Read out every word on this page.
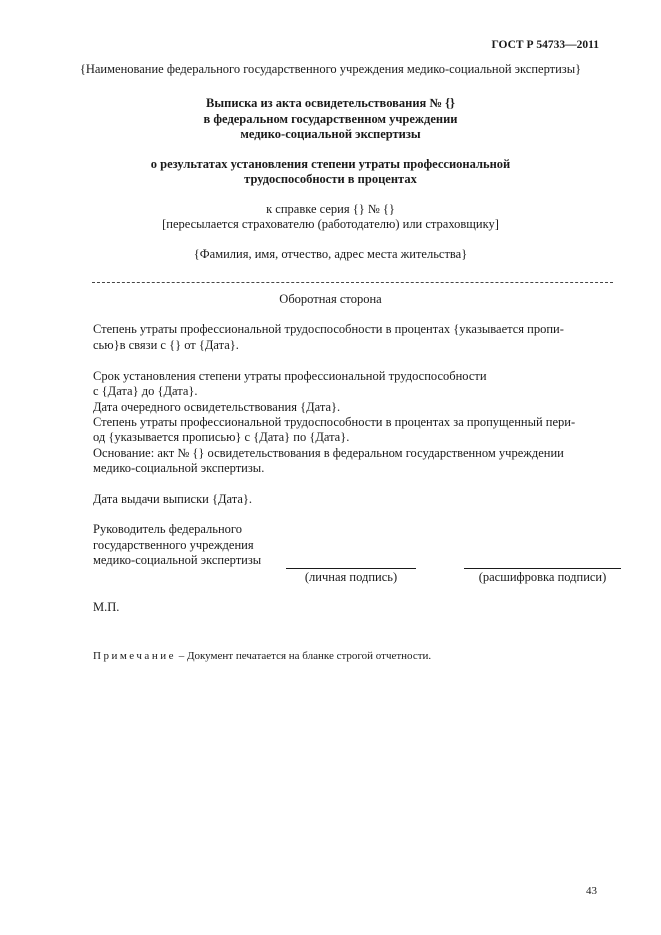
ГОСТ Р 54733—2011
{Наименование федерального государственного учреждения медико-социальной экспертизы}
Выписка из акта освидетельствования № {}
в федеральном государственном учреждении
медико-социальной экспертизы
о результатах установления степени утраты профессиональной
трудоспособности в процентах
к справке серия {} № {}
[пересылается страхователю (работодателю) или страховщику]
{Фамилия, имя, отчество, адрес места жительства}
Оборотная сторона
Степень утраты профессиональной трудоспособности в процентах {указывается пропи-
сью}в связи с {} от {Дата}.
Срок установления степени утраты профессиональной трудоспособности
с {Дата} до {Дата}.
Дата очередного освидетельствования {Дата}.
Степень утраты профессиональной трудоспособности в процентах за пропущенный пери-
од {указывается прописью} с {Дата} по {Дата}.
Основание: акт № {} освидетельствования в федеральном государственном учреждении
медико-социальной экспертизы.
Дата выдачи выписки {Дата}.
Руководитель федерального
государственного учреждения
медико-социальной экспертизы
(личная подпись)	(расшифровка подписи)
М.П.
Примечание – Документ печатается на бланке строгой отчетности.
43
